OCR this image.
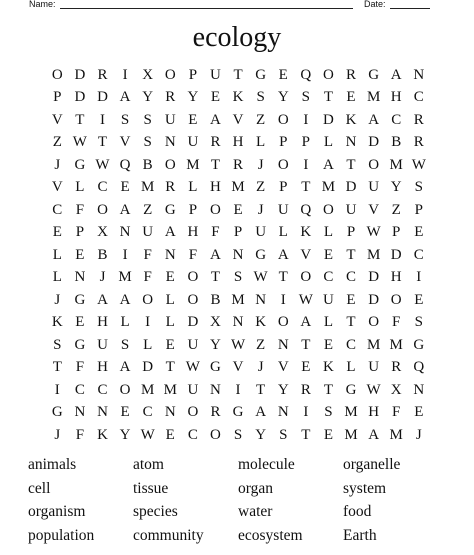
Name:	Date:
ecology
O D R	I X O P U T G E Q O R G A N
P D D A Y R Y E K S Y S T E M H C
V T	I	S S U E A V Z O I D K A C R
Z W T V S N U R H L P P L N D B R
J G W Q B O M T R J O I A T O M W
V L C E M R L H M Z P T M D U Y S
C F O A Z G P O E	J U Q O U V Z P
E P X N U A H F P U L K L P W P E
L E B	I	F N F A N G A V E T M D C
L N J M F E O T S W T O C C D H I
J G A A O L O B M N I W U E D O E
K E H L	I	L D X N K O A L T O F S
S G U S L E U Y W Z N T E C M M G
T F H A D T W G V J V E K L U R Q
I	C C O M M U N I	T Y R T G W X N
G N N E C N O R G A N I	S M H F E
J	F K Y W E C O S Y S T E M A M J
animals	atom	molecule	organelle
cell	tissue	organ	system
organism	species	water	food
population	community	ecosystem	Earth
